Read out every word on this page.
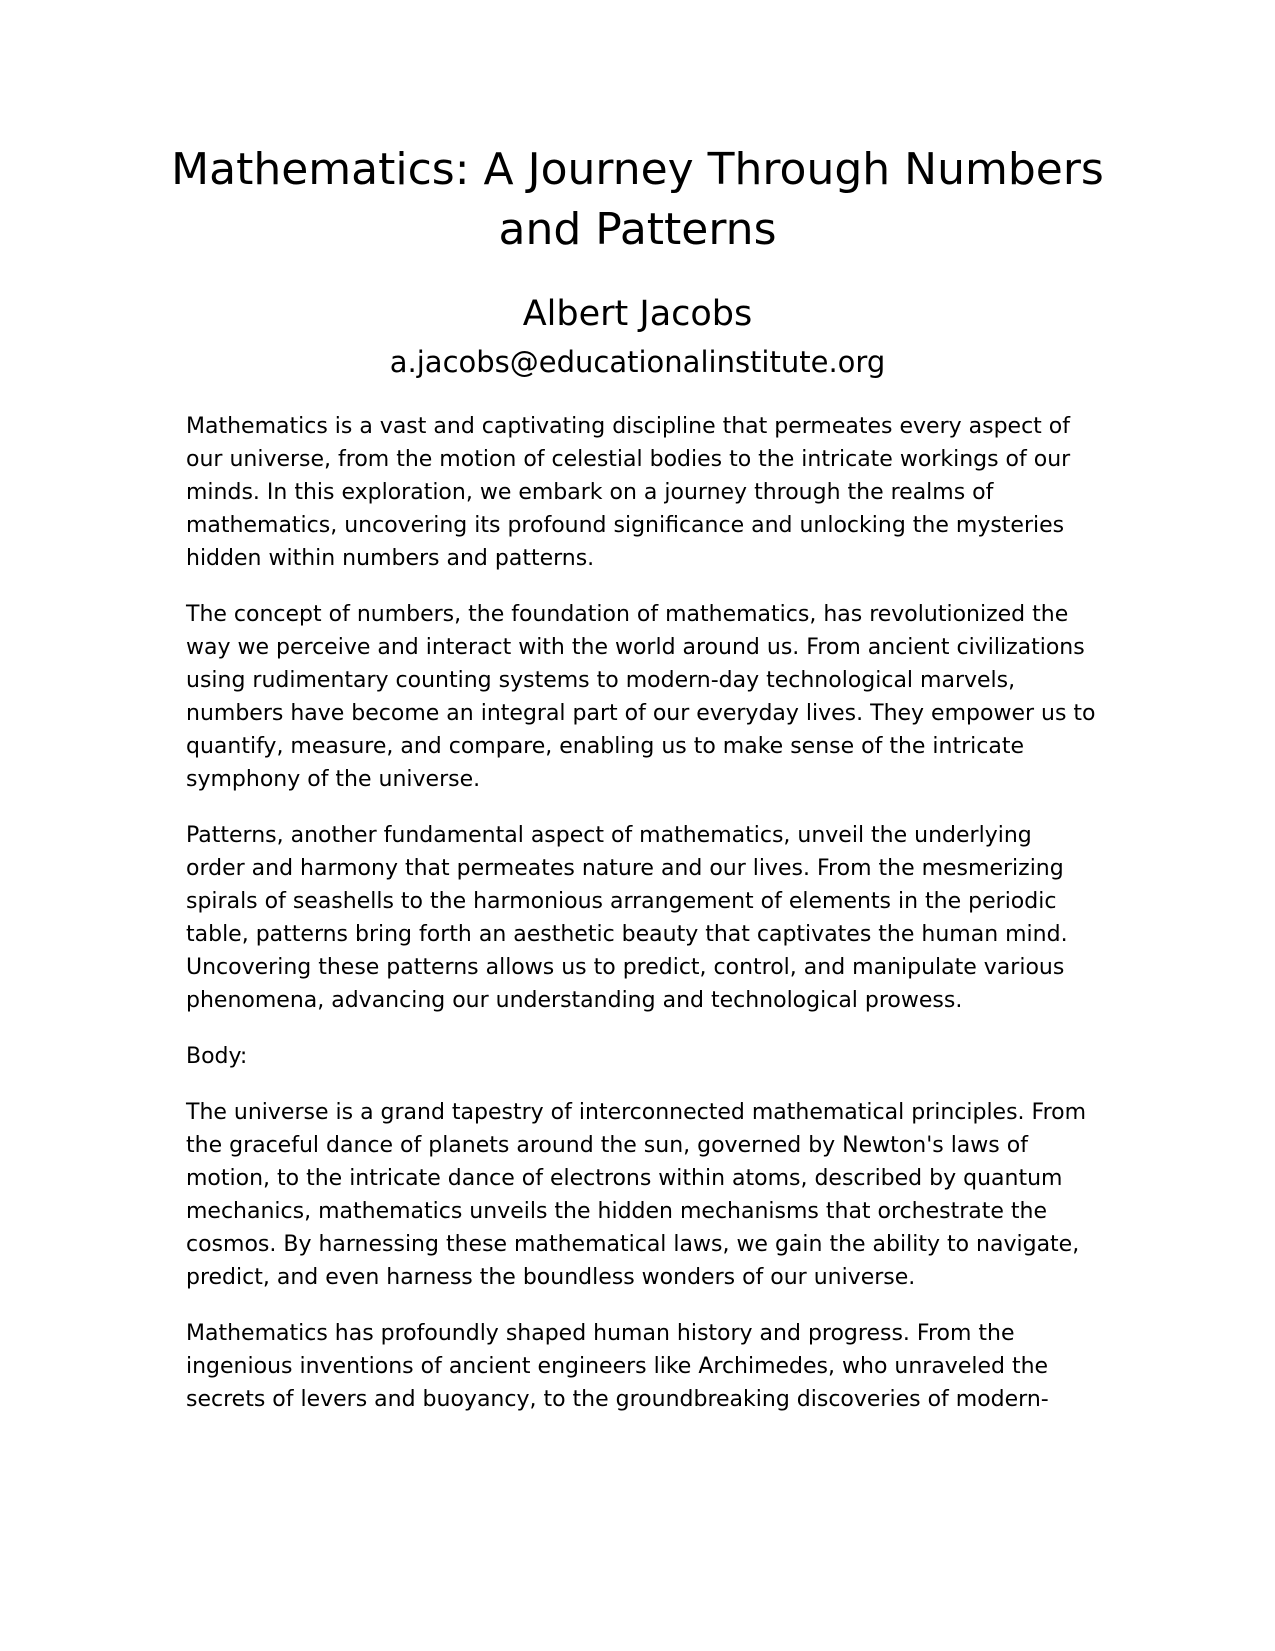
Mathematics: A Journey Through Numbers and Patterns
Albert Jacobs
a.jacobs@educationalinstitute.org

Mathematics is a vast and captivating discipline that permeates every aspect of our universe, from the motion of celestial bodies to the intricate workings of our minds. In this exploration, we embark on a journey through the realms of mathematics, uncovering its profound significance and unlocking the mysteries hidden within numbers and patterns.

The concept of numbers, the foundation of mathematics, has revolutionized the way we perceive and interact with the world around us. From ancient civilizations using rudimentary counting systems to modern-day technological marvels, numbers have become an integral part of our everyday lives. They empower us to quantify, measure, and compare, enabling us to make sense of the intricate symphony of the universe.

Patterns, another fundamental aspect of mathematics, unveil the underlying order and harmony that permeates nature and our lives. From the mesmerizing spirals of seashells to the harmonious arrangement of elements in the periodic table, patterns bring forth an aesthetic beauty that captivates the human mind. Uncovering these patterns allows us to predict, control, and manipulate various phenomena, advancing our understanding and technological prowess.

Body:

The universe is a grand tapestry of interconnected mathematical principles. From the graceful dance of planets around the sun, governed by Newton's laws of motion, to the intricate dance of electrons within atoms, described by quantum mechanics, mathematics unveils the hidden mechanisms that orchestrate the cosmos. By harnessing these mathematical laws, we gain the ability to navigate, predict, and even harness the boundless wonders of our universe.

Mathematics has profoundly shaped human history and progress. From the ingenious inventions of ancient engineers like Archimedes, who unraveled the secrets of levers and buoyancy, to the groundbreaking discoveries of modern-
